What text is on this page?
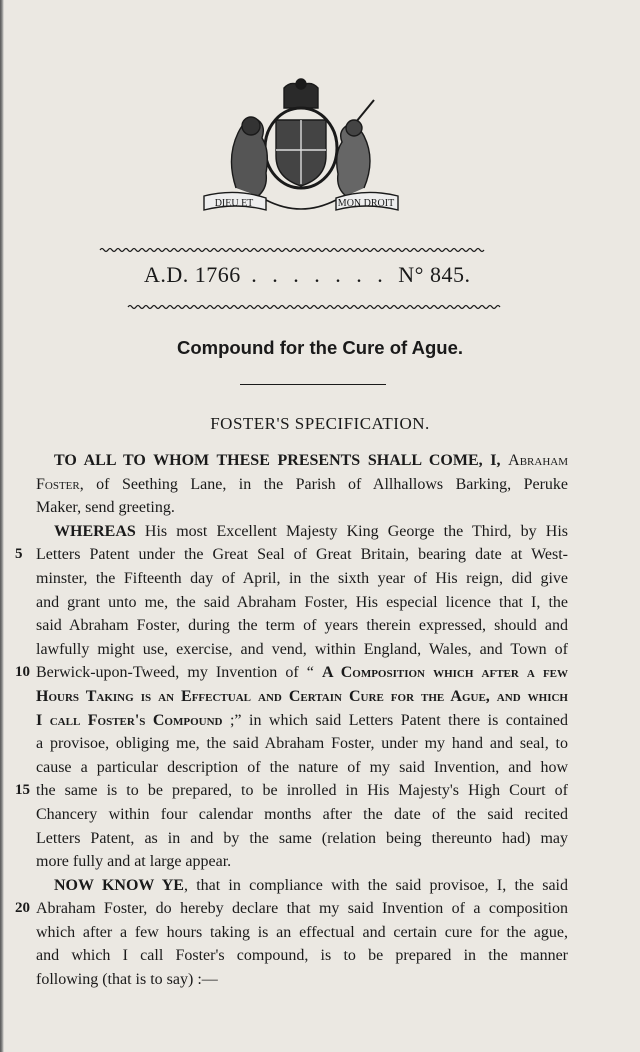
DIEU ET	MON DROIT
A.D. 1766 . . . . . . . N° 845.
Compound for the Cure of Ague.
FOSTER'S SPECIFICATION.
TO ALL TO WHOM THESE PRESENTS SHALL COME, I, Abraham
Foster, of Seething Lane, in the Parish of Allhallows Barking, Peruke
Maker, send greeting.
WHEREAS His most Excellent Majesty King George the Third, by His
5 Letters Patent under the Great Seal of Great Britain, bearing date at West-
minster, the Fifteenth day of April, in the sixth year of His reign, did give
and grant unto me, the said Abraham Foster, His especial licence that I, the
said Abraham Foster, during the term of years therein expressed, should and
lawfully might use, exercise, and vend, within England, Wales, and Town of
10 Berwick-upon-Tweed, my Invention of “ A Composition which after a few
Hours Taking is an Effectual and Certain Cure for the Ague, and which
I call Foster's Compound ;” in which said Letters Patent there is contained
a provisoe, obliging me, the said Abraham Foster, under my hand and seal, to
cause a particular description of the nature of my said Invention, and how
15 the same is to be prepared, to be inrolled in His Majesty's High Court of
Chancery within four calendar months after the date of the said recited
Letters Patent, as in and by the same (relation being thereunto had) may
more fully and at large appear.
NOW KNOW YE, that in compliance with the said provisoe, I, the said
20 Abraham Foster, do hereby declare that my said Invention of a composition
which after a few hours taking is an effectual and certain cure for the ague,
and which I call Foster's compound, is to be prepared in the manner
following (that is to say) :—
